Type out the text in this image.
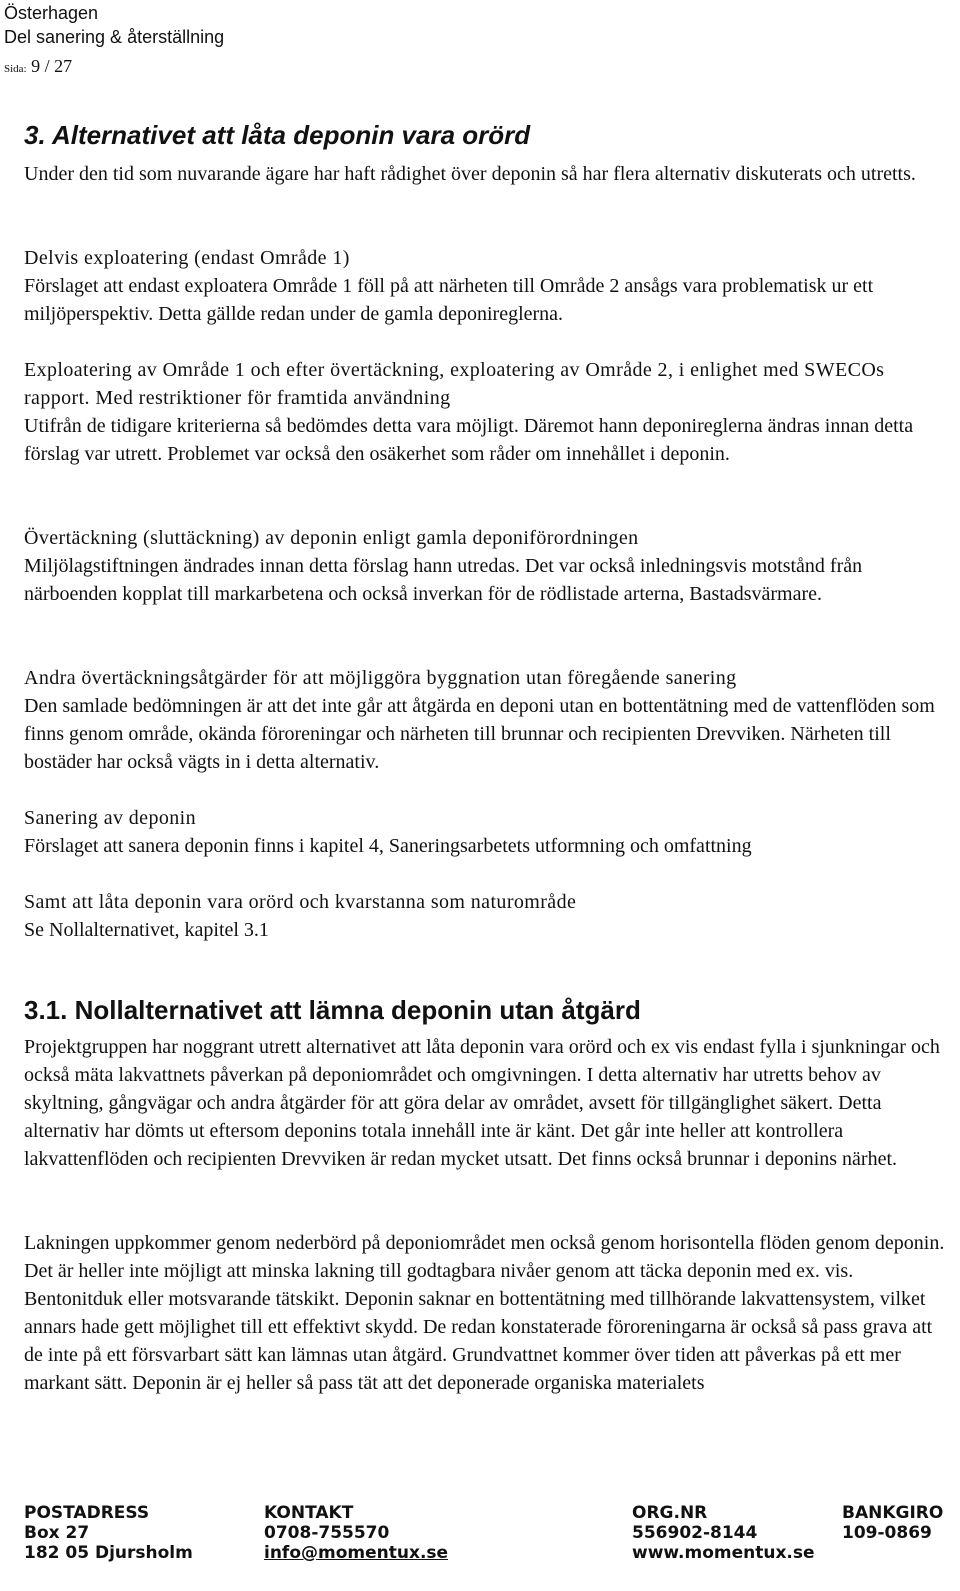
Österhagen
Del sanering & återställning
Sida: 9 / 27
3. Alternativet att låta deponin vara orörd

Under den tid som nuvarande ägare har haft rådighet över deponin så har flera alternativ diskuterats och utretts.

Delvis exploatering (endast Område 1)

Förslaget att endast exploatera Område 1 föll på att närheten till Område 2 ansågs vara problematisk ur ett miljöperspektiv. Detta gällde redan under de gamla deponireglerna.

Exploatering av Område 1 och efter övertäckning, exploatering av Område 2, i enlighet med SWECOs rapport. Med restriktioner för framtida användning

Utifrån de tidigare kriterierna så bedömdes detta vara möjligt. Däremot hann deponireglerna ändras innan detta förslag var utrett. Problemet var också den osäkerhet som råder om innehållet i deponin.

Övertäckning (sluttäckning) av deponin enligt gamla deponiförordningen

Miljölagstiftningen ändrades innan detta förslag hann utredas. Det var också inledningsvis motstånd från närboenden kopplat till markarbetena och också inverkan för de rödlistade arterna, Bastadsvärmare.

Andra övertäckningsåtgärder för att möjliggöra byggnation utan föregående sanering

Den samlade bedömningen är att det inte går att åtgärda en deponi utan en bottentätning med de vattenflöden som finns genom område, okända föroreningar och närheten till brunnar och recipienten Drevviken. Närheten till bostäder har också vägts in i detta alternativ.

Sanering av deponin

Förslaget att sanera deponin finns i kapitel 4, Saneringsarbetets utformning och omfattning

Samt att låta deponin vara orörd och kvarstanna som naturområde

Se Nollalternativet, kapitel 3.1

3.1. Nollalternativet att lämna deponin utan åtgärd

Projektgruppen har noggrant utrett alternativet att låta deponin vara orörd och ex vis endast fylla i sjunkningar och också mäta lakvattnets påverkan på deponiområdet och omgivningen. I detta alternativ har utretts behov av skyltning, gångvägar och andra åtgärder för att göra delar av området, avsett för tillgänglighet säkert. Detta alternativ har dömts ut eftersom deponins totala innehåll inte är känt. Det går inte heller att kontrollera lakvattenflöden och recipienten Drevviken är redan mycket utsatt. Det finns också brunnar i deponins närhet.

Lakningen uppkommer genom nederbörd på deponiområdet men också genom horisontella flöden genom deponin. Det är heller inte möjligt att minska lakning till godtagbara nivåer genom att täcka deponin med ex. vis. Bentonitduk eller motsvarande tätskikt. Deponin saknar en bottentätning med tillhörande lakvattensystem, vilket annars hade gett möjlighet till ett effektivt skydd. De redan konstaterade föroreningarna är också så pass grava att de inte på ett försvarbart sätt kan lämnas utan åtgärd. Grundvattnet kommer över tiden att påverkas på ett mer markant sätt. Deponin är ej heller så pass tät att det deponerade organiska materialets

POSTADRESS
Box 27
182 05 Djursholm
KONTAKT
0708-755570
info@momentux.se
ORG.NR
556902-8144
www.momentux.se
BANKGIRO
109-0869
